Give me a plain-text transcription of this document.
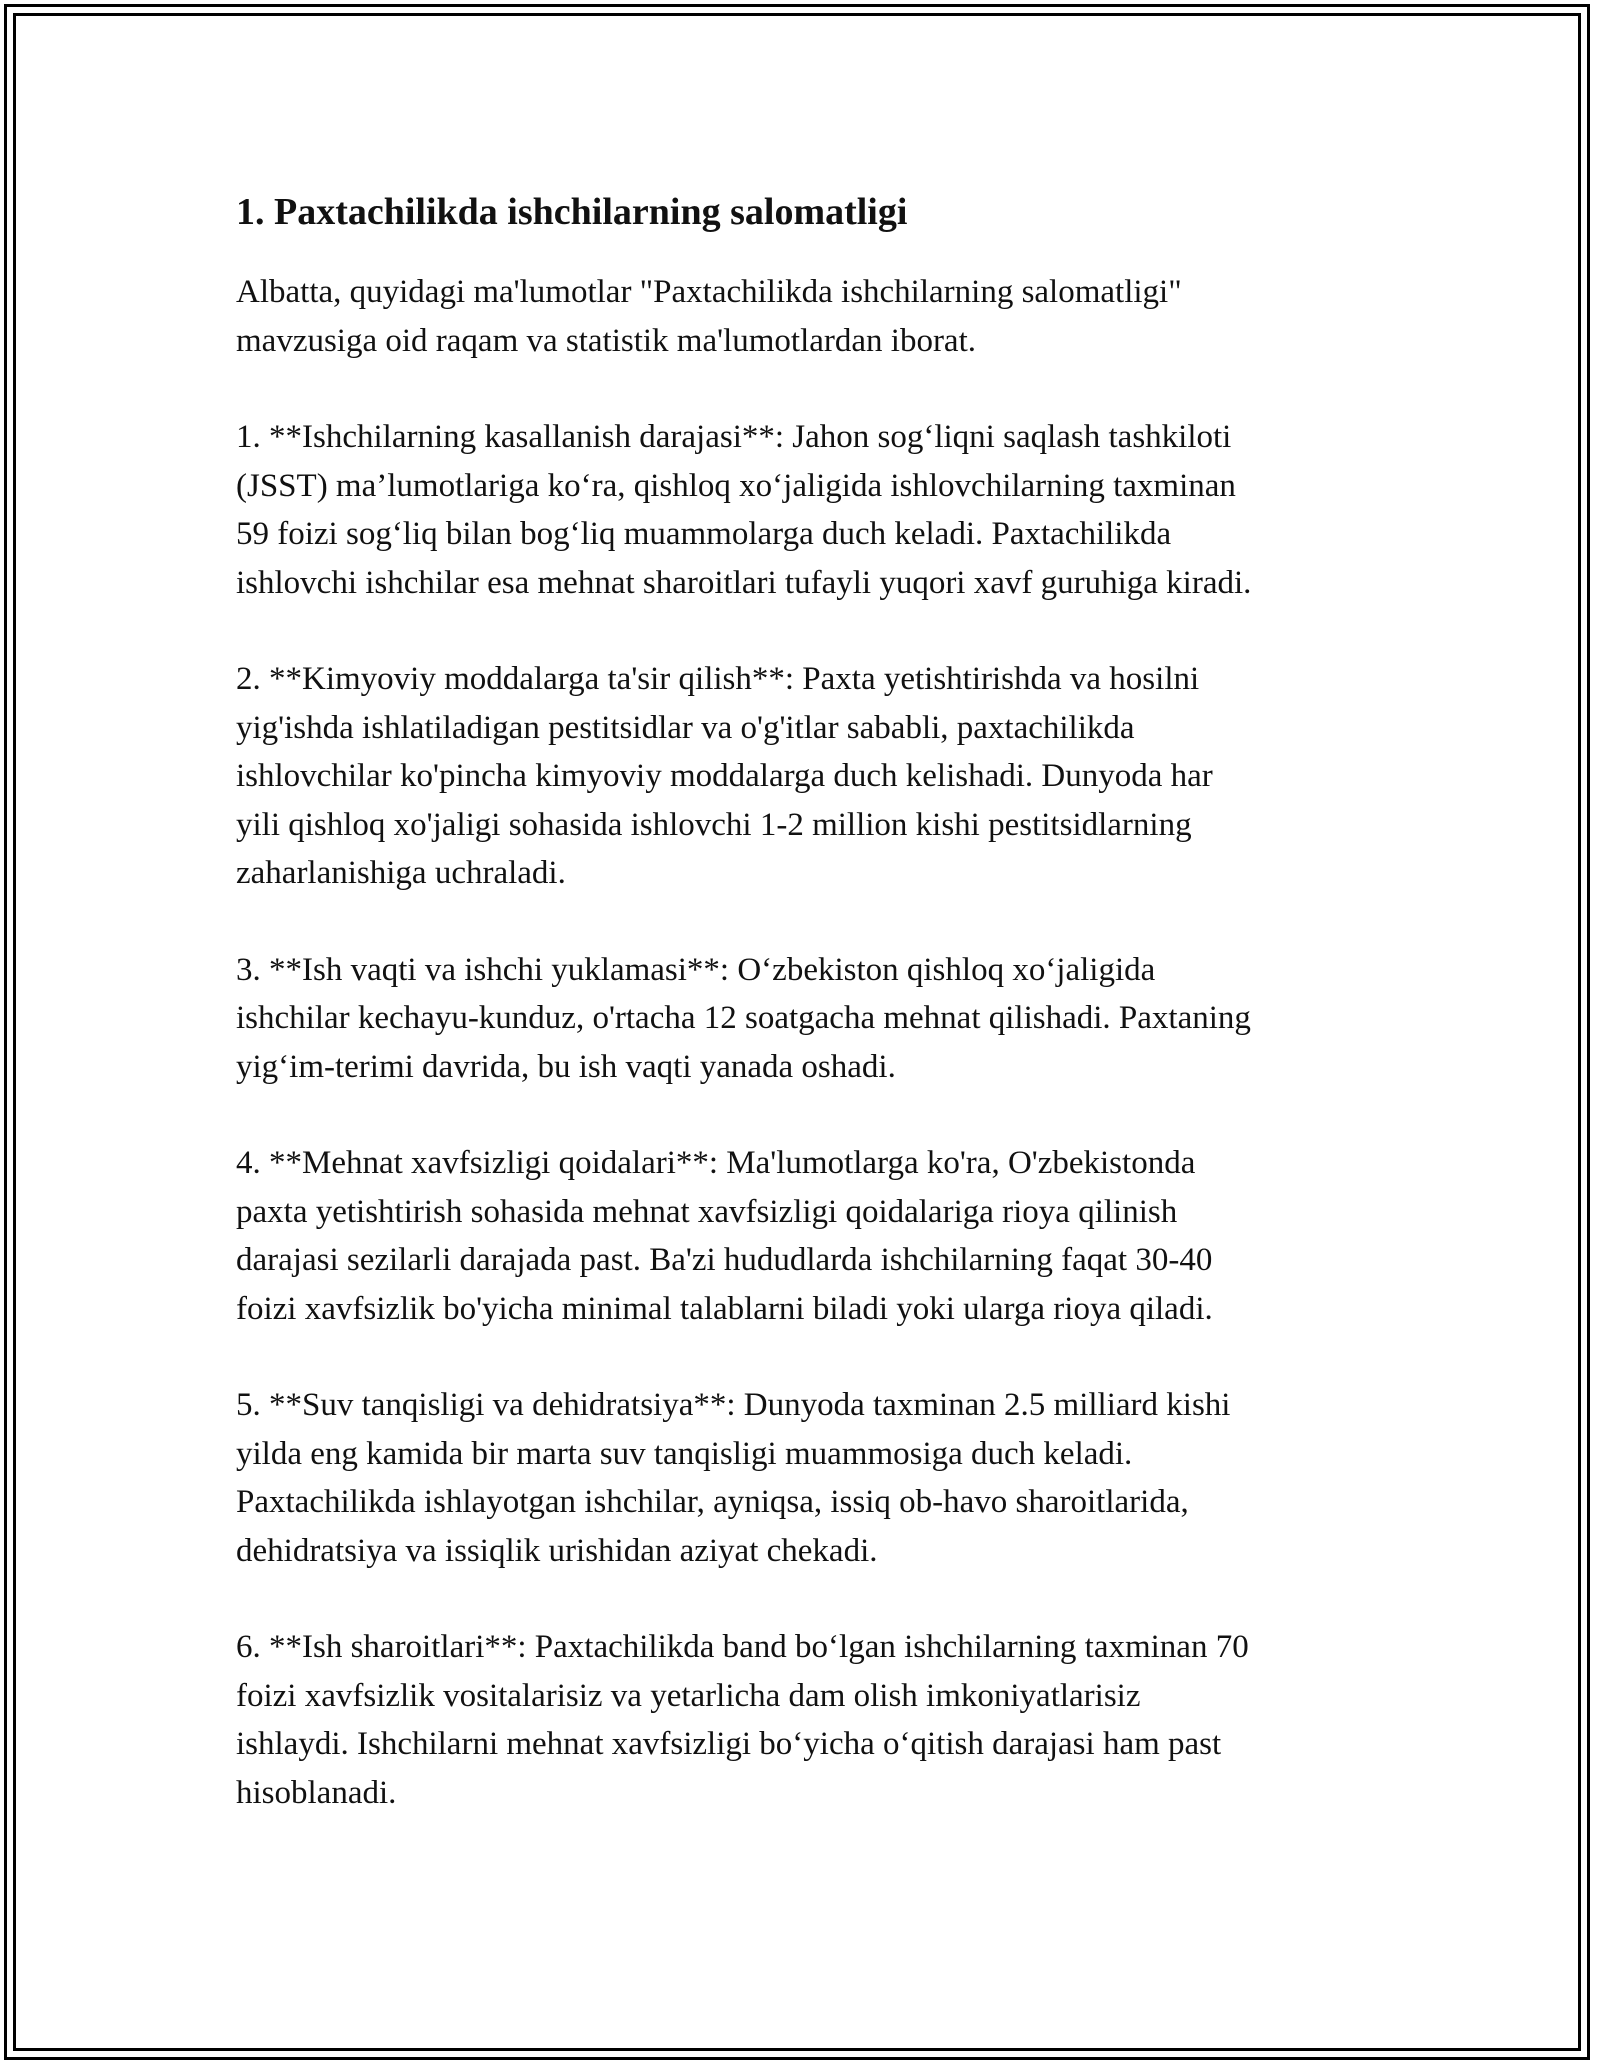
1. Paxtachilikda ishchilarning salomatligi

Albatta, quyidagi ma'lumotlar "Paxtachilikda ishchilarning salomatligi"
mavzusiga oid raqam va statistik ma'lumotlardan iborat.

1. **Ishchilarning kasallanish darajasi**: Jahon sog‘liqni saqlash tashkiloti
(JSST) ma’lumotlariga ko‘ra, qishloq xo‘jaligida ishlovchilarning taxminan
59 foizi sog‘liq bilan bog‘liq muammolarga duch keladi. Paxtachilikda
ishlovchi ishchilar esa mehnat sharoitlari tufayli yuqori xavf guruhiga kiradi.

2. **Kimyoviy moddalarga ta'sir qilish**: Paxta yetishtirishda va hosilni
yig'ishda ishlatiladigan pestitsidlar va o'g'itlar sababli, paxtachilikda
ishlovchilar ko'pincha kimyoviy moddalarga duch kelishadi. Dunyoda har
yili qishloq xo'jaligi sohasida ishlovchi 1-2 million kishi pestitsidlarning
zaharlanishiga uchraladi.

3. **Ish vaqti va ishchi yuklamasi**: O‘zbekiston qishloq xo‘jaligida
ishchilar kechayu-kunduz, o'rtacha 12 soatgacha mehnat qilishadi. Paxtaning
yig‘im-terimi davrida, bu ish vaqti yanada oshadi.

4. **Mehnat xavfsizligi qoidalari**: Ma'lumotlarga ko'ra, O'zbekistonda
paxta yetishtirish sohasida mehnat xavfsizligi qoidalariga rioya qilinish
darajasi sezilarli darajada past. Ba'zi hududlarda ishchilarning faqat 30-40
foizi xavfsizlik bo'yicha minimal talablarni biladi yoki ularga rioya qiladi.

5. **Suv tanqisligi va dehidratsiya**: Dunyoda taxminan 2.5 milliard kishi
yilda eng kamida bir marta suv tanqisligi muammosiga duch keladi.
Paxtachilikda ishlayotgan ishchilar, ayniqsa, issiq ob-havo sharoitlarida,
dehidratsiya va issiqlik urishidan aziyat chekadi.

6. **Ish sharoitlari**: Paxtachilikda band bo‘lgan ishchilarning taxminan 70
foizi xavfsizlik vositalarisiz va yetarlicha dam olish imkoniyatlarisiz
ishlaydi. Ishchilarni mehnat xavfsizligi bo‘yicha o‘qitish darajasi ham past
hisoblanadi.
